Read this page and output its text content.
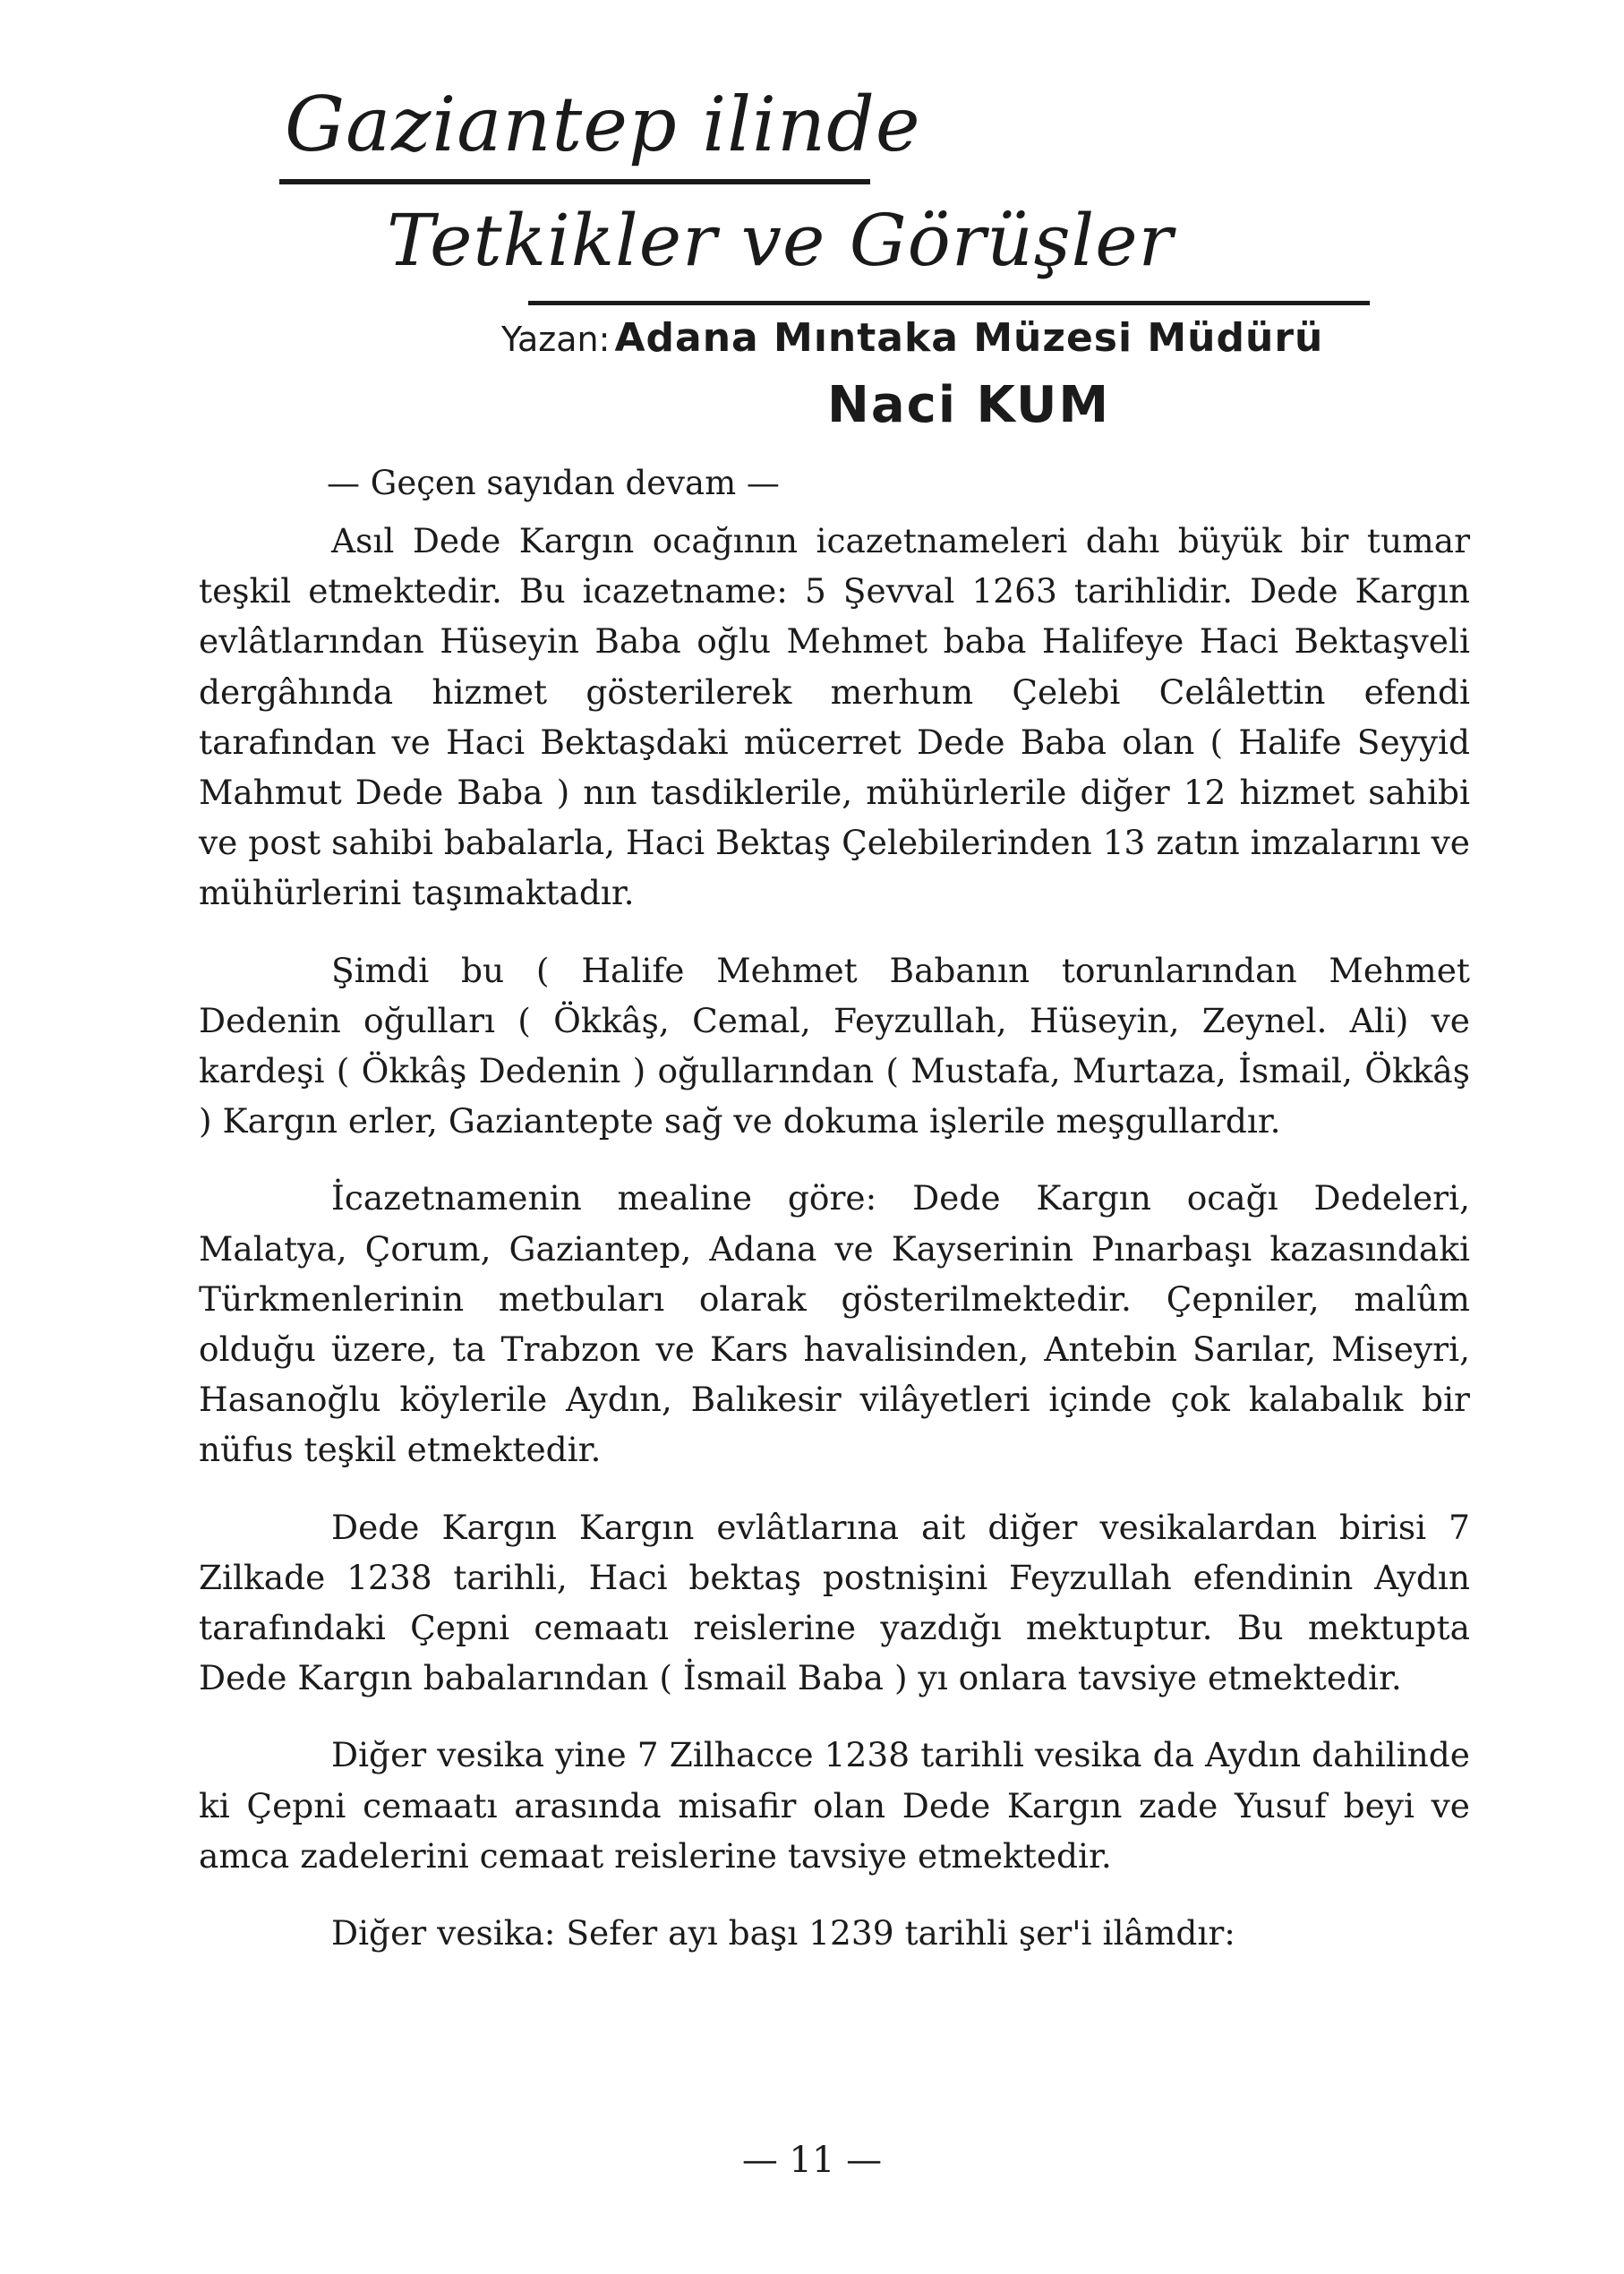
Gaziantep ilinde
Tetkikler ve Görüşler
Yazan: Adana Mıntaka Müzesi Müdürü
Naci KUM
— Geçen sayıdan devam —

Asıl Dede Kargın ocağının icazetnameleri dahı büyük bir tumar teşkil etmektedir. Bu icazetname: 5 Şevval 1263 tarihlidir. Dede Kargın evlâtlarından Hüseyin Baba oğlu Mehmet baba Halifeye Haci Bektaşveli dergâhında hizmet gösterilerek merhum Çelebi Celâlettin efendi tarafından ve Haci Bektaşdaki mücerret Dede Baba olan ( Halife Seyyid Mahmut Dede Baba ) nın tasdiklerile, mühürlerile diğer 12 hizmet sahibi ve post sahibi babalarla, Haci Bektaş Çelebilerinden 13 zatın imzalarını ve mühürlerini taşımaktadır.

Şimdi bu ( Halife Mehmet Babanın torunlarından Mehmet Dedenin oğulları ( Ökkâş, Cemal, Feyzullah, Hüseyin, Zeynel. Ali) ve kardeşi ( Ökkâş Dedenin ) oğullarından ( Mustafa, Murtaza, İsmail, Ökkâş ) Kargın erler, Gaziantepte sağ ve dokuma işlerile meşgullardır.

İcazetnamenin mealine göre: Dede Kargın ocağı Dedeleri, Malatya, Çorum, Gaziantep, Adana ve Kayserinin Pınarbaşı kazasındaki Türkmenlerinin metbuları olarak gösterilmektedir. Çepniler, malûm olduğu üzere, ta Trabzon ve Kars havalisinden, Antebin Sarılar, Miseyri, Hasanoğlu köylerile Aydın, Balıkesir vilâyetleri içinde çok kalabalık bir nüfus teşkil etmektedir.

Dede Kargın Kargın evlâtlarına ait diğer vesikalardan birisi 7 Zilkade 1238 tarihli, Haci bektaş postnişini Feyzullah efendinin Aydın tarafındaki Çepni cemaatı reislerine yazdığı mektuptur. Bu mektupta Dede Kargın babalarından ( İsmail Baba ) yı onlara tavsiye etmektedir.

Diğer vesika yine 7 Zilhacce 1238 tarihli vesika da Aydın dahilinde ki Çepni cemaatı arasında misafir olan Dede Kargın zade Yusuf beyi ve amca zadelerini cemaat reislerine tavsiye etmektedir.

Diğer vesika: Sefer ayı başı 1239 tarihli şer'i ilâmdır:

— 11 —
